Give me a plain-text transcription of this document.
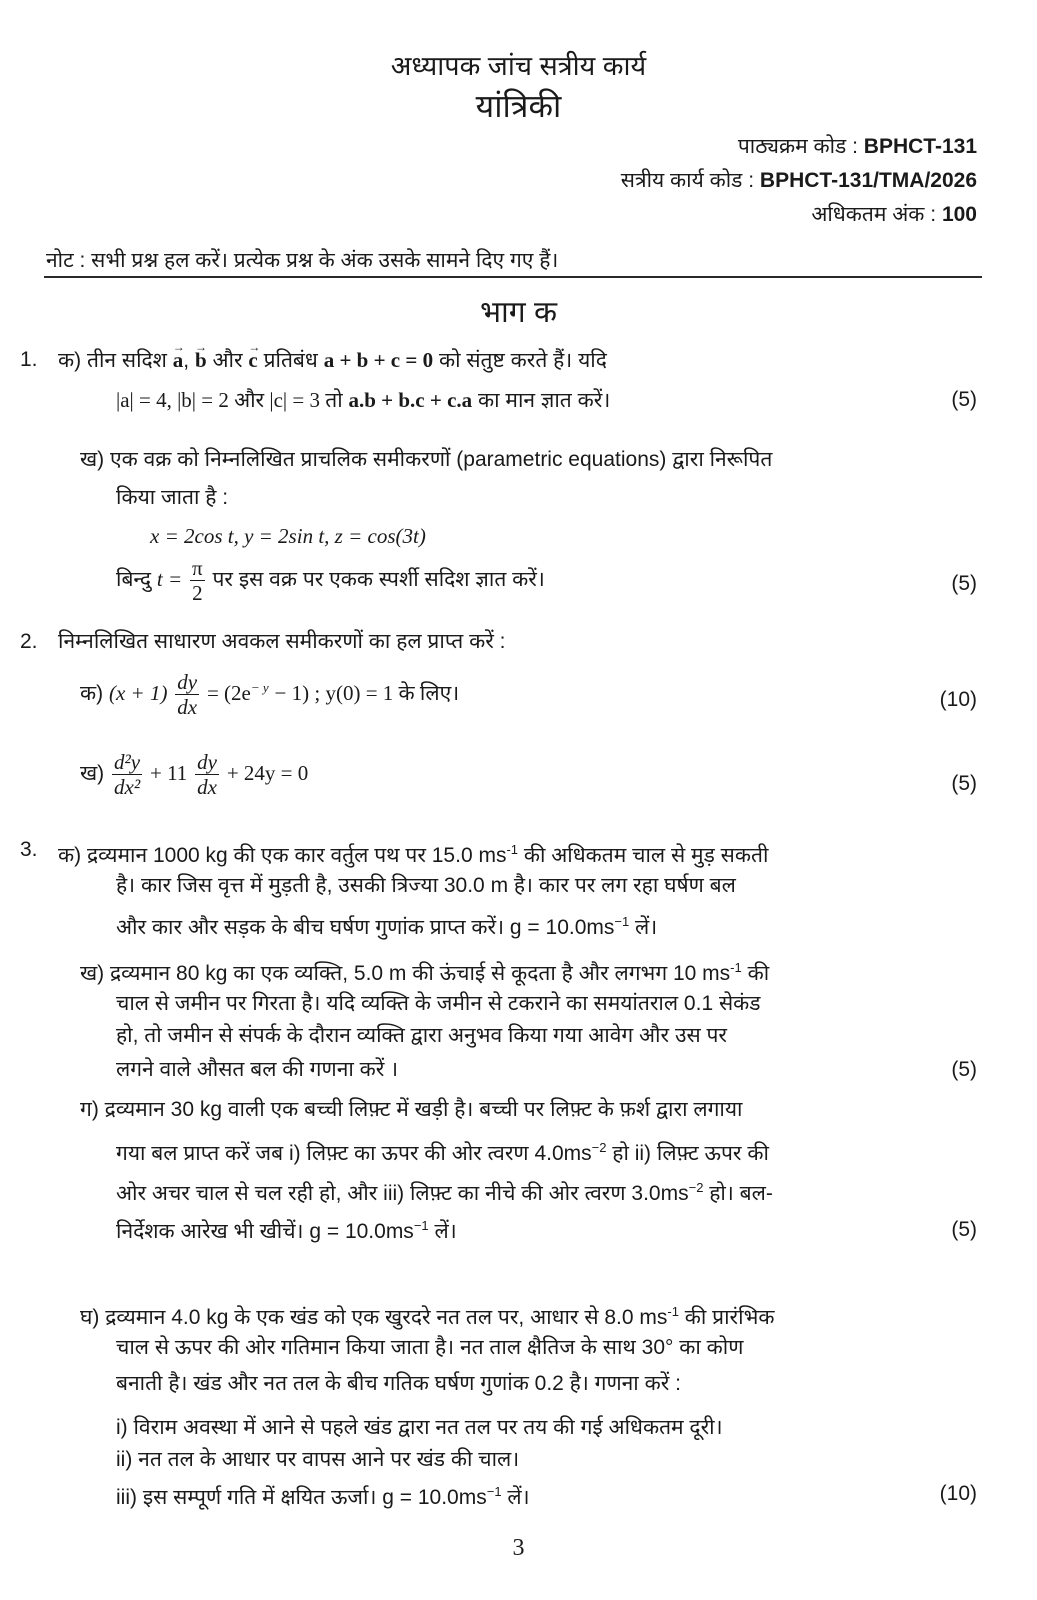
अध्यापक जांच सत्रीय कार्य
यांत्रिकी
पाठ्यक्रम कोड : BPHCT-131
सत्रीय कार्य कोड : BPHCT-131/TMA/2026
अधिकतम अंक : 100
नोट : सभी प्रश्न हल करें। प्रत्येक प्रश्न के अंक उसके सामने दिए गए हैं।
भाग क
1. क) तीन सदिश → a, → b और → c प्रतिबंध a + b + c = 0 को संतुष्ट करते हैं। यदि
|a| = 4, |b| = 2 और |c| = 3 तो a.b + b.c + c.a का मान ज्ञात करें।	(5)
ख) एक वक्र को निम्नलिखित प्राचलिक समीकरणों (parametric equations) द्वारा निरूपित
किया जाता है :
x = 2cos t, y = 2sin t, z = cos(3t)
बिन्दु $t = \frac{\pi}{2}$ पर इस वक्र पर एकक स्पर्शी सदिश ज्ञात करें।	(5)
2. निम्नलिखित साधारण अवकल समीकरणों का हल प्राप्त करें :
क) $(x + 1) \frac{dy}{dx} = (2e^{- y} - 1)$ ; y(0) = 1 के लिए।	(10)
ख) $\frac{\text{d²y}}{\text{dx²}} + 11 \frac{dy}{dx} + 24y = 0$	(5)
3. क) द्रव्यमान 1000 kg की एक कार वर्तुल पथ पर 15.0 $ms^{-1}$ की अधिकतम चाल से मुड़ सकती
है। कार जिस वृत्त में मुड़ती है, उसकी त्रिज्या 30.0 m है। कार पर लग रहा घर्षण बल
और कार और सड़क के बीच घर्षण गुणांक प्राप्त करें। $g = 10.0ms^{-1}$ लें।
ख) द्रव्यमान 80 kg का एक व्यक्ति, 5.0 m की ऊंचाई से कूदता है और लगभग 10 $ms^{-1}$ की
चाल से जमीन पर गिरता है। यदि व्यक्ति के जमीन से टकराने का समयांतराल 0.1 सेकंड
हो, तो जमीन से संपर्क के दौरान व्यक्ति द्वारा अनुभव किया गया आवेग और उस पर
लगने वाले औसत बल की गणना करें ।	(5)
ग) द्रव्यमान 30 kg वाली एक बच्ची लिफ़्ट में खड़ी है। बच्ची पर लिफ़्ट के फ़र्श द्वारा लगाया
गया बल प्राप्त करें जब i) लिफ़्ट का ऊपर की ओर त्वरण $4.0ms^{-2}$ हो ii) लिफ़्ट ऊपर की
ओर अचर चाल से चल रही हो, और iii) लिफ़्ट का नीचे की ओर त्वरण $3.0ms^{-2}$ हो। बल-
निर्देशक आरेख भी खीचें। $g = 10.0ms^{-1}$ लें।	(5)
घ) द्रव्यमान 4.0 kg के एक खंड को एक खुरदरे नत तल पर, आधार से 8.0 $ms^{-1}$ की प्रारंभिक
चाल से ऊपर की ओर गतिमान किया जाता है। नत ताल क्षैतिज के साथ 30° का कोण
बनाती है। खंड और नत तल के बीच गतिक घर्षण गुणांक 0.2 है। गणना करें :
i) विराम अवस्था में आने से पहले खंड द्वारा नत तल पर तय की गई अधिकतम दूरी।
ii) नत तल के आधार पर वापस आने पर खंड की चाल।
iii) इस सम्पूर्ण गति में क्षयित ऊर्जा। $g = 10.0ms^{-1}$ लें।	(10)
3
